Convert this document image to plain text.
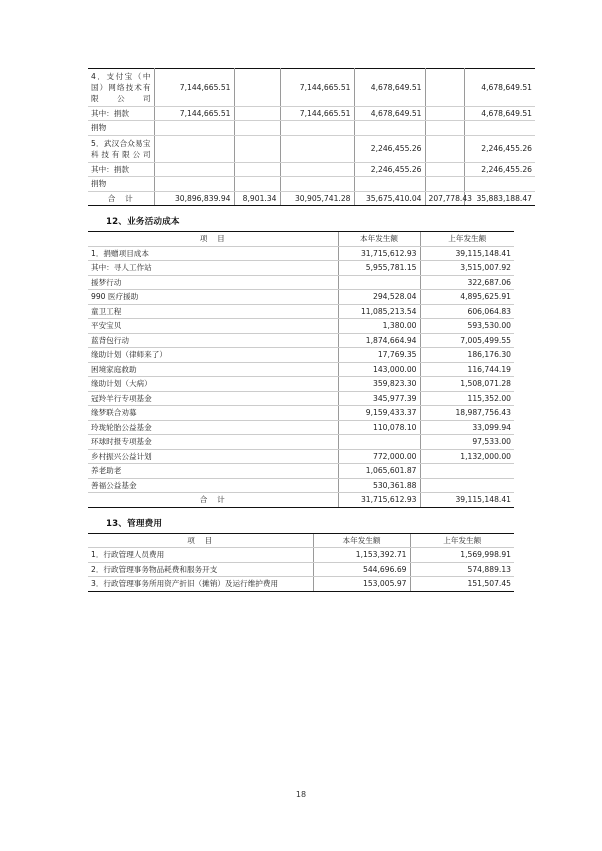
4．支付宝（中国）网络技术有限公司	7,144,665.51		7,144,665.51	4,678,649.51		4,678,649.51
其中：捐款	7,144,665.51		7,144,665.51	4,678,649.51		4,678,649.51
捐物						
5．武汉合众易宝科技有限公司				2,246,455.26		2,246,455.26
其中：捐款				2,246,455.26		2,246,455.26
捐物						
合　计	30,896,839.94	8,901.34	30,905,741.28	35,675,410.04	207,778.43	35,883,188.47
12、业务活动成本
项　目	本年发生额	上年发生额
1．捐赠项目成本	31,715,612.93	39,115,148.41
其中：寻人工作站	5,955,781.15	3,515,007.92
援梦行动		322,687.06
990 医疗援助	294,528.04	4,895,625.91
童卫工程	11,085,213.54	606,064.83
平安宝贝	1,380.00	593,530.00
蓝背包行动	1,874,664.94	7,005,499.55
缘助计划（律师来了）	17,769.35	186,176.30
困境家庭救助	143,000.00	116,744.19
缘助计划（大病）	359,823.30	1,508,071.28
冠羚羊行专项基金	345,977.39	115,352.00
缘梦联合劝募	9,159,433.37	18,987,756.43
玲珑轮胎公益基金	110,078.10	33,099.94
环球时报专项基金		97,533.00
乡村振兴公益计划	772,000.00	1,132,000.00
养老助老	1,065,601.87	
善福公益基金	530,361.88	
合　计	31,715,612.93	39,115,148.41
13、管理费用
项　目	本年发生额	上年发生额
1．行政管理人员费用	1,153,392.71	1,569,998.91
2．行政管理事务物品耗费和服务开支	544,696.69	574,889.13
3．行政管理事务所用资产折旧（摊销）及运行维护费用	153,005.97	151,507.45
18
